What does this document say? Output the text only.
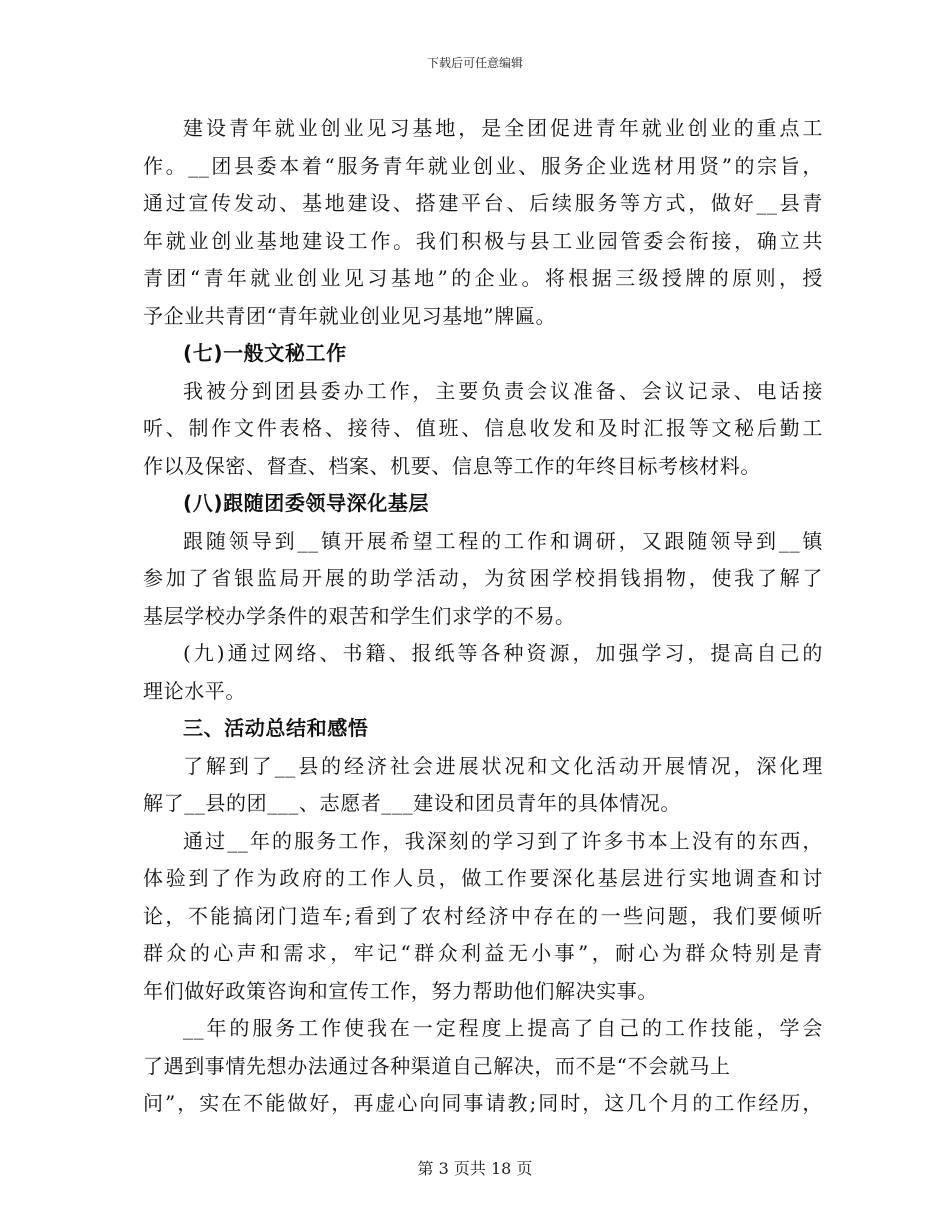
下载后可任意编辑
建设青年就业创业见习基地，是全团促进青年就业创业的重点工
作。__团县委本着“服务青年就业创业、服务企业选材用贤”的宗旨，
通过宣传发动、基地建设、搭建平台、后续服务等方式，做好__县青
年就业创业基地建设工作。我们积极与县工业园管委会衔接，确立共
青团“青年就业创业见习基地”的企业。将根据三级授牌的原则，授
予企业共青团“青年就业创业见习基地”牌匾。
(七)一般文秘工作
我被分到团县委办工作，主要负责会议准备、会议记录、电话接
听、制作文件表格、接待、值班、信息收发和及时汇报等文秘后勤工
作以及保密、督查、档案、机要、信息等工作的年终目标考核材料。
(八)跟随团委领导深化基层
跟随领导到__镇开展希望工程的工作和调研，又跟随领导到__镇
参加了省银监局开展的助学活动，为贫困学校捐钱捐物，使我了解了
基层学校办学条件的艰苦和学生们求学的不易。
(九)通过网络、书籍、报纸等各种资源，加强学习，提高自己的
理论水平。
三、活动总结和感悟
了解到了__县的经济社会进展状况和文化活动开展情况，深化理
解了__县的团___、志愿者___建设和团员青年的具体情况。
通过__年的服务工作，我深刻的学习到了许多书本上没有的东西，
体验到了作为政府的工作人员，做工作要深化基层进行实地调查和讨
论，不能搞闭门造车;看到了农村经济中存在的一些问题，我们要倾听
群众的心声和需求，牢记“群众利益无小事”，耐心为群众特别是青
年们做好政策咨询和宣传工作，努力帮助他们解决实事。
__年的服务工作使我在一定程度上提高了自己的工作技能，学会
了遇到事情先想办法通过各种渠道自己解决，而不是“不会就马上
问”，实在不能做好，再虚心向同事请教;同时，这几个月的工作经历，
第 3 页共 18 页
